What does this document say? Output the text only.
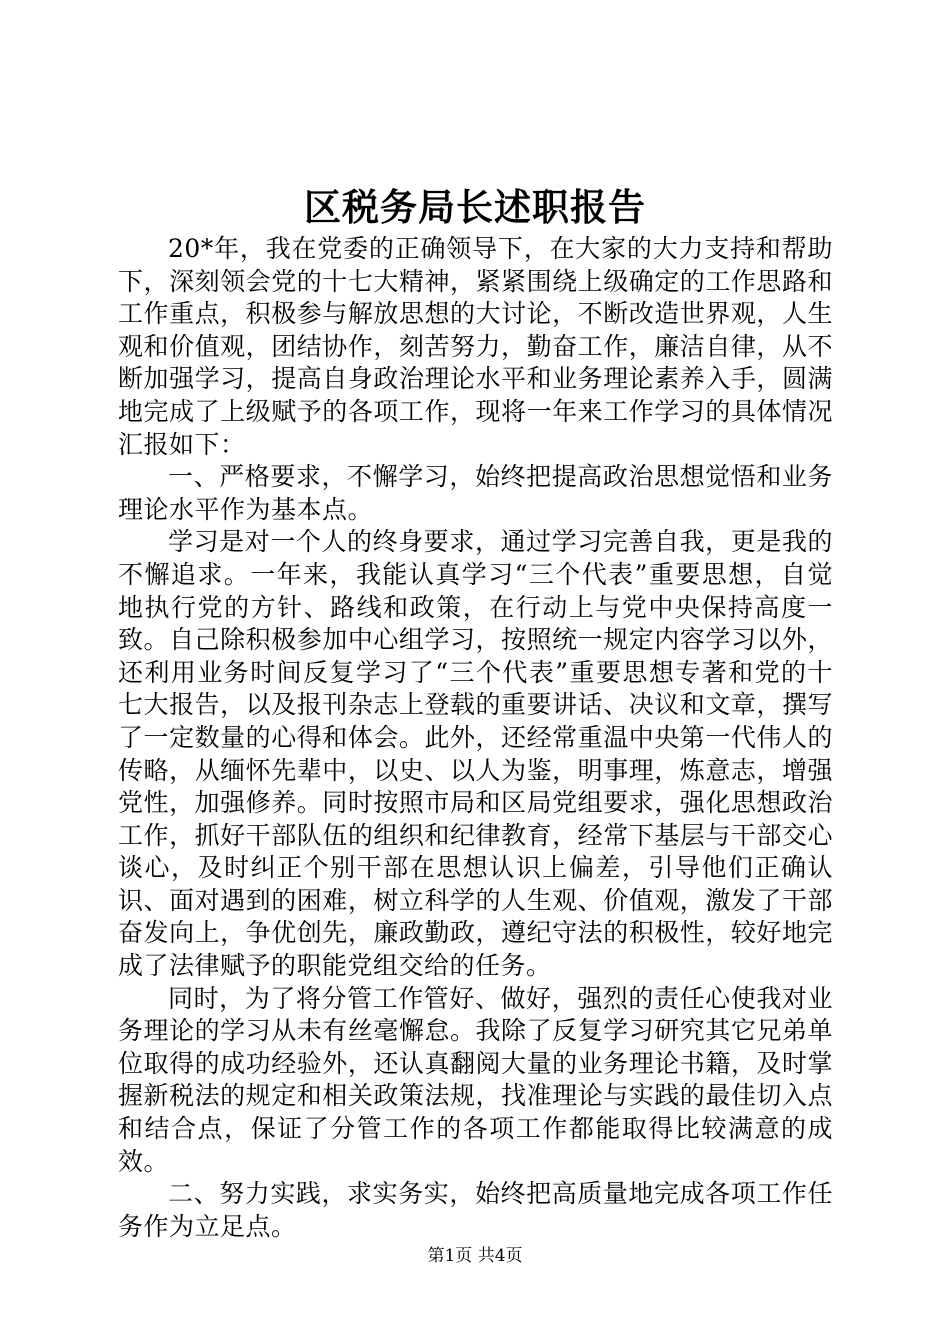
区税务局长述职报告

20*年，我在党委的正确领导下，在大家的大力支持和帮助下，深刻领会党的十七大精神，紧紧围绕上级确定的工作思路和工作重点，积极参与解放思想的大讨论，不断改造世界观，人生观和价值观，团结协作，刻苦努力，勤奋工作，廉洁自律，从不断加强学习，提高自身政治理论水平和业务理论素养入手，圆满地完成了上级赋予的各项工作，现将一年来工作学习的具体情况汇报如下：

一、严格要求，不懈学习，始终把提高政治思想觉悟和业务理论水平作为基本点。

学习是对一个人的终身要求，通过学习完善自我，更是我的不懈追求。一年来，我能认真学习“三个代表”重要思想，自觉地执行党的方针、路线和政策，在行动上与党中央保持高度一致。自己除积极参加中心组学习，按照统一规定内容学习以外，还利用业务时间反复学习了“三个代表”重要思想专著和党的十七大报告，以及报刊杂志上登载的重要讲话、决议和文章，撰写了一定数量的心得和体会。此外，还经常重温中央第一代伟人的传略，从缅怀先辈中，以史、以人为鉴，明事理，炼意志，增强党性，加强修养。同时按照市局和区局党组要求，强化思想政治工作，抓好干部队伍的组织和纪律教育，经常下基层与干部交心谈心，及时纠正个别干部在思想认识上偏差，引导他们正确认识、面对遇到的困难，树立科学的人生观、价值观，激发了干部奋发向上，争优创先，廉政勤政，遵纪守法的积极性，较好地完成了法律赋予的职能党组交给的任务。

同时，为了将分管工作管好、做好，强烈的责任心使我对业务理论的学习从未有丝毫懈怠。我除了反复学习研究其它兄弟单位取得的成功经验外，还认真翻阅大量的业务理论书籍，及时掌握新税法的规定和相关政策法规，找准理论与实践的最佳切入点和结合点，保证了分管工作的各项工作都能取得比较满意的成效。

二、努力实践，求实务实，始终把高质量地完成各项工作任务作为立足点。

第1页 共4页
